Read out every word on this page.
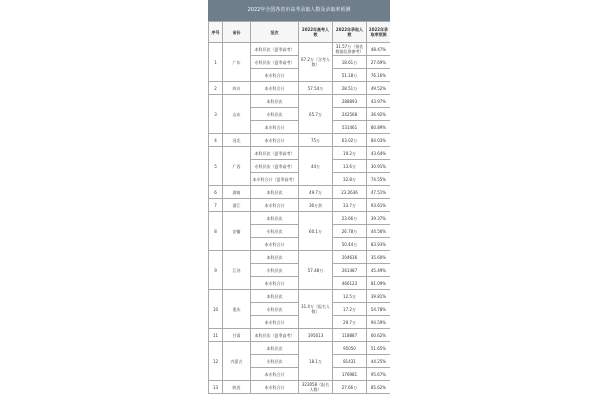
2022年全国各省市高考录取人数及录取率预测
序号	省份	批次	2022年高考人数	2022年录取人数	2022年录取率预测
1	广东	本科层次（夏季高考）	67.2万（含考人数）	31.57万（预估数据仅供参考）	48.47%
		专科层次（夏季高考）		18.61万	27.69%
		本专科合计		51.18万	76.16%
2	四川	本专科合计	57.54万	28.51万	49.52%
3	山东	本科层次	65.7万	288893	43.97%
		专科层次		242568	36.92%
		本专科合计		531461	80.89%
4	河北	本专科合计	75万	63.02万	84.03%
5	广西	本科层次（夏季高考）	44万	19.2万	43.64%
		专科层次（夏季高考）		13.6万	30.91%
		本专科合计（夏季高考）		32.8万	74.55%
6	湖南	本科层次	49.7万	23.2636	47.51%
7	浙江	本专科合计	36万余	33.7万	93.61%
8	安徽	本科层次	60.1万	23.66万	39.37%
		专科层次		26.78万	44.56%
		本专科合计		50.44万	83.93%
9	江苏	本科层次	57.48万	204636	35.60%
		专科层次		261487	45.49%
		本专科合计		466123	81.09%
10	重庆	本科层次	31.4万（报名人数）	12.5万	39.81%
		专科层次		17.2万	54.78%
		本专科合计		29.7万	94.59%
11	甘肃	本科层次（夏季高考）	195613	118887	60.62%
12	内蒙古	本科层次	18.1万	95050	51.65%
		专科层次		81431	44.25%
		本专科合计		176981	95.67%
13	陕西	本专科合计	323058（报名人数）	27.66万	85.62%
